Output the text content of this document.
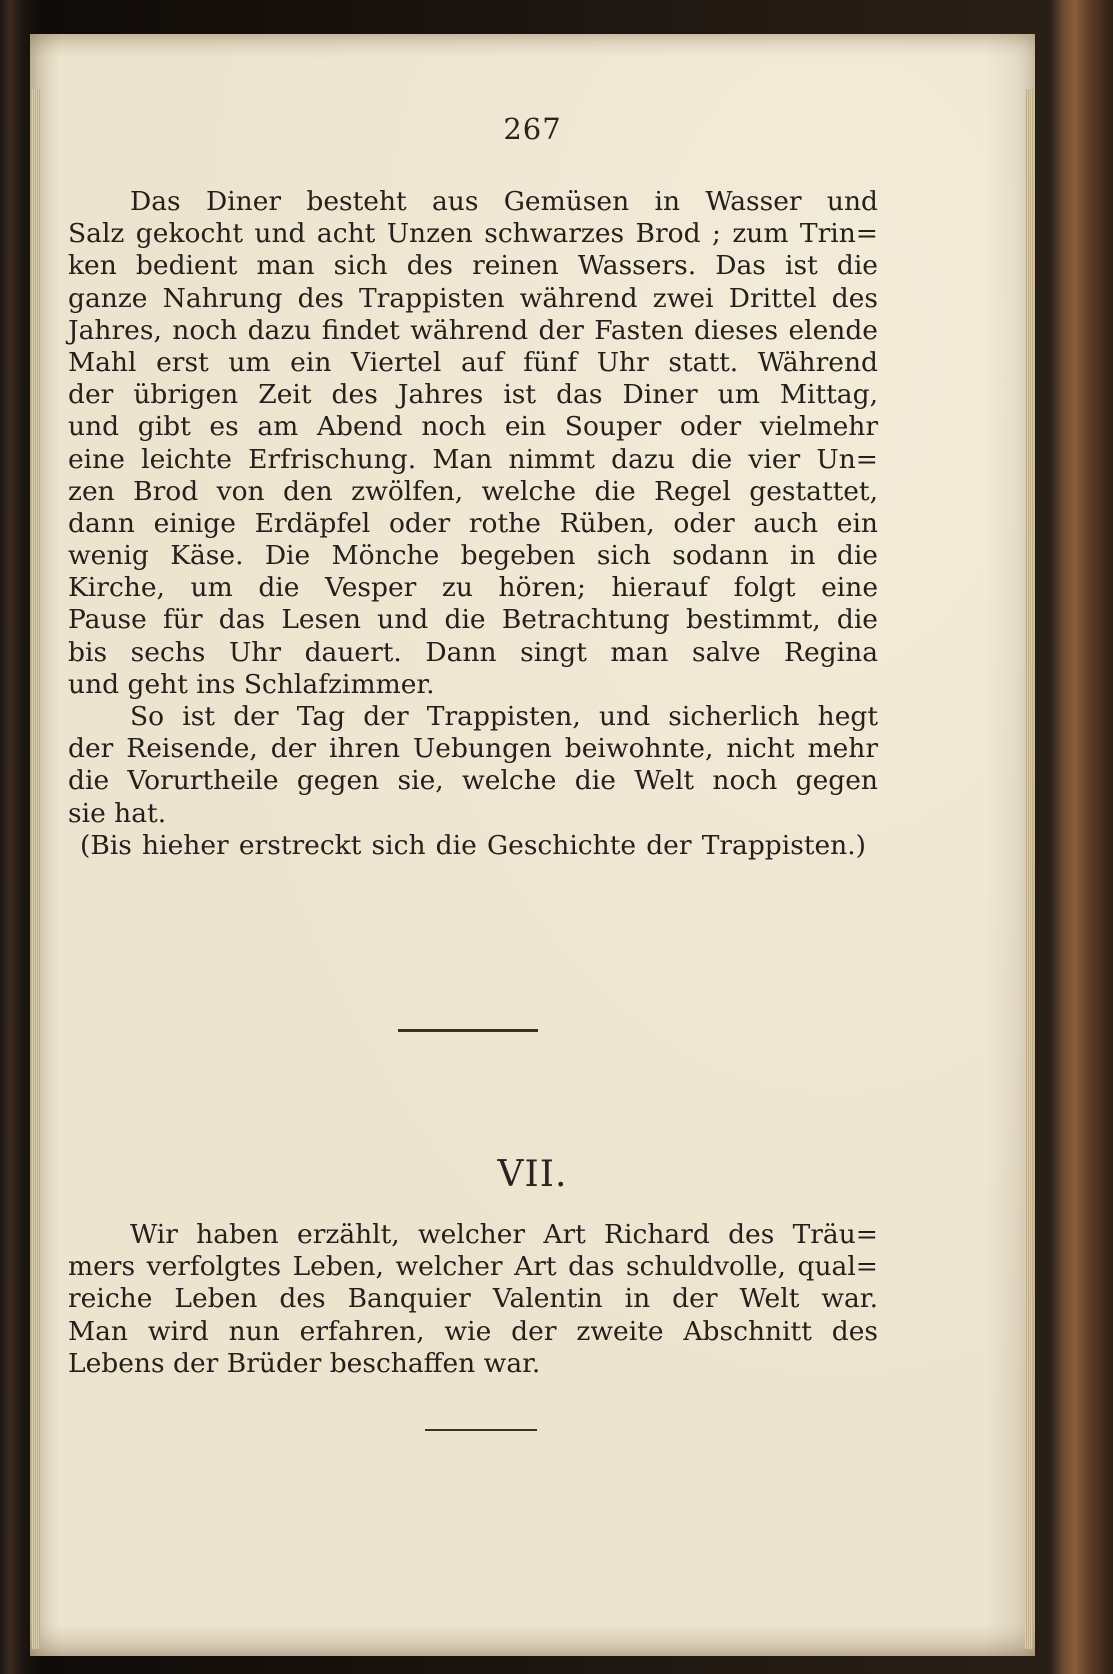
267
Das Diner besteht aus Gemüsen in Wasser und
Salz gekocht und acht Unzen schwarzes Brod ; zum Trin=
ken bedient man sich des reinen Wassers. Das ist die
ganze Nahrung des Trappisten während zwei Drittel des
Jahres, noch dazu findet während der Fasten dieses elende
Mahl erst um ein Viertel auf fünf Uhr statt. Während
der übrigen Zeit des Jahres ist das Diner um Mittag,
und gibt es am Abend noch ein Souper oder vielmehr
eine leichte Erfrischung. Man nimmt dazu die vier Un=
zen Brod von den zwölfen, welche die Regel gestattet,
dann einige Erdäpfel oder rothe Rüben, oder auch ein
wenig Käse. Die Mönche begeben sich sodann in die
Kirche, um die Vesper zu hören; hierauf folgt eine
Pause für das Lesen und die Betrachtung bestimmt, die
bis sechs Uhr dauert. Dann singt man salve Regina
und geht ins Schlafzimmer.
So ist der Tag der Trappisten, und sicherlich hegt
der Reisende, der ihren Uebungen beiwohnte, nicht mehr
die Vorurtheile gegen sie, welche die Welt noch gegen
sie hat.
(Bis hieher erstreckt sich die Geschichte der Trappisten.)
VII.
Wir haben erzählt, welcher Art Richard des Träu=
mers verfolgtes Leben, welcher Art das schuldvolle, qual=
reiche Leben des Banquier Valentin in der Welt war.
Man wird nun erfahren, wie der zweite Abschnitt des
Lebens der Brüder beschaffen war.
